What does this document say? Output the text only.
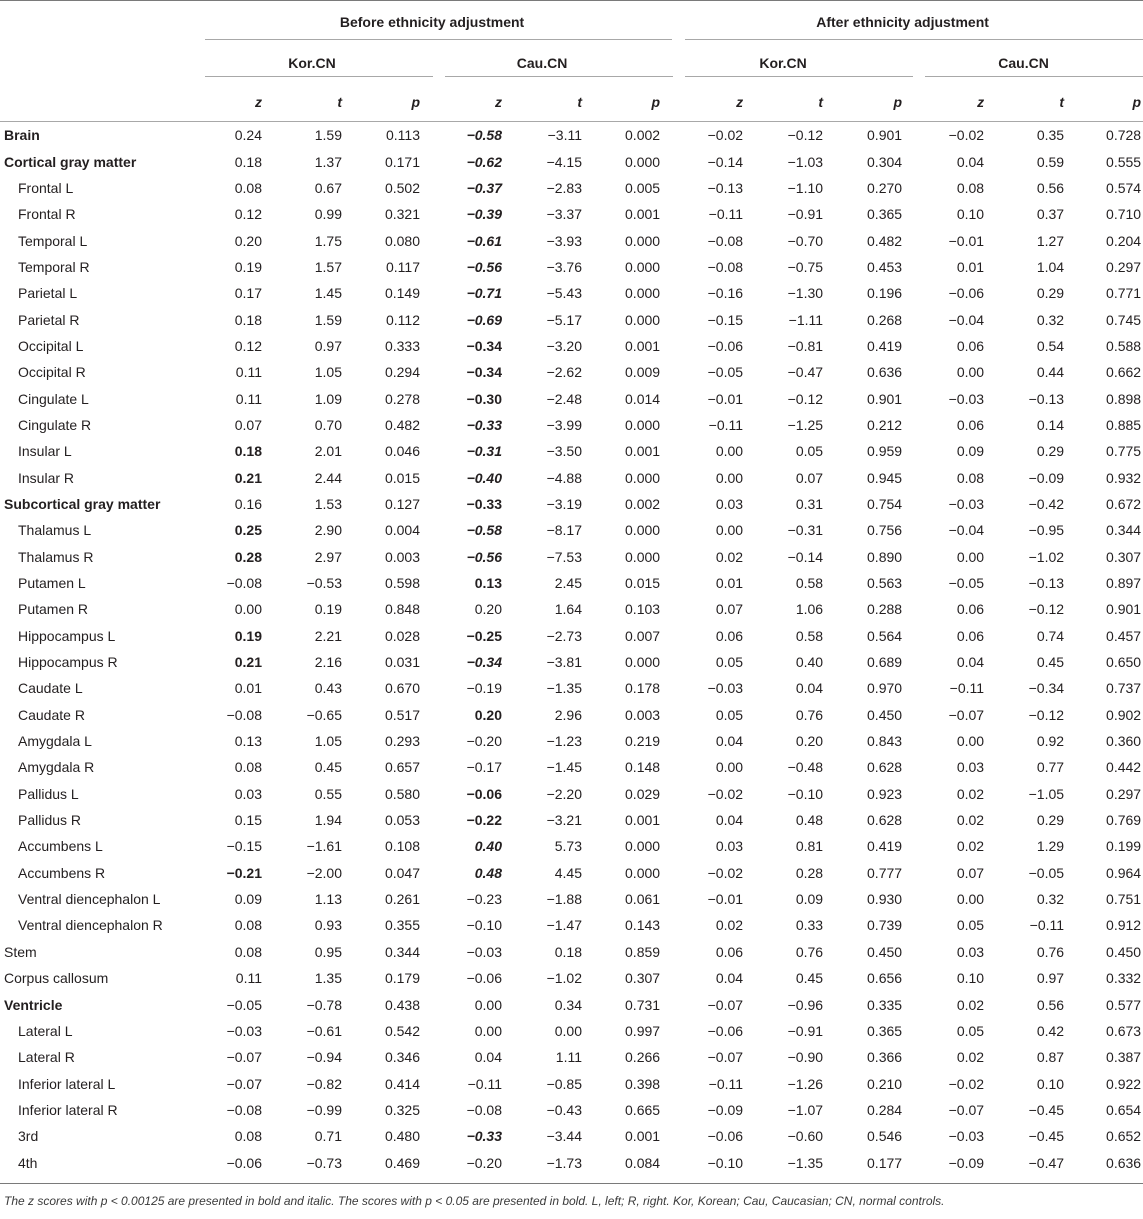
	Before ethnicity adjustment						After ethnicity adjustment					
	Kor.CN			Cau.CN			Kor.CN			Cau.CN		
	z	t	p	z	t	p	z	t	p	z	t	p
Brain	0.24	1.59	0.113	−0.58	−3.11	0.002	−0.02	−0.12	0.901	−0.02	0.35	0.728
Cortical gray matter	0.18	1.37	0.171	−0.62	−4.15	0.000	−0.14	−1.03	0.304	0.04	0.59	0.555
Frontal L	0.08	0.67	0.502	−0.37	−2.83	0.005	−0.13	−1.10	0.270	0.08	0.56	0.574
Frontal R	0.12	0.99	0.321	−0.39	−3.37	0.001	−0.11	−0.91	0.365	0.10	0.37	0.710
Temporal L	0.20	1.75	0.080	−0.61	−3.93	0.000	−0.08	−0.70	0.482	−0.01	1.27	0.204
Temporal R	0.19	1.57	0.117	−0.56	−3.76	0.000	−0.08	−0.75	0.453	0.01	1.04	0.297
Parietal L	0.17	1.45	0.149	−0.71	−5.43	0.000	−0.16	−1.30	0.196	−0.06	0.29	0.771
Parietal R	0.18	1.59	0.112	−0.69	−5.17	0.000	−0.15	−1.11	0.268	−0.04	0.32	0.745
Occipital L	0.12	0.97	0.333	−0.34	−3.20	0.001	−0.06	−0.81	0.419	0.06	0.54	0.588
Occipital R	0.11	1.05	0.294	−0.34	−2.62	0.009	−0.05	−0.47	0.636	0.00	0.44	0.662
Cingulate L	0.11	1.09	0.278	−0.30	−2.48	0.014	−0.01	−0.12	0.901	−0.03	−0.13	0.898
Cingulate R	0.07	0.70	0.482	−0.33	−3.99	0.000	−0.11	−1.25	0.212	0.06	0.14	0.885
Insular L	0.18	2.01	0.046	−0.31	−3.50	0.001	0.00	0.05	0.959	0.09	0.29	0.775
Insular R	0.21	2.44	0.015	−0.40	−4.88	0.000	0.00	0.07	0.945	0.08	−0.09	0.932
Subcortical gray matter	0.16	1.53	0.127	−0.33	−3.19	0.002	0.03	0.31	0.754	−0.03	−0.42	0.672
Thalamus L	0.25	2.90	0.004	−0.58	−8.17	0.000	0.00	−0.31	0.756	−0.04	−0.95	0.344
Thalamus R	0.28	2.97	0.003	−0.56	−7.53	0.000	0.02	−0.14	0.890	0.00	−1.02	0.307
Putamen L	−0.08	−0.53	0.598	0.13	2.45	0.015	0.01	0.58	0.563	−0.05	−0.13	0.897
Putamen R	0.00	0.19	0.848	0.20	1.64	0.103	0.07	1.06	0.288	0.06	−0.12	0.901
Hippocampus L	0.19	2.21	0.028	−0.25	−2.73	0.007	0.06	0.58	0.564	0.06	0.74	0.457
Hippocampus R	0.21	2.16	0.031	−0.34	−3.81	0.000	0.05	0.40	0.689	0.04	0.45	0.650
Caudate L	0.01	0.43	0.670	−0.19	−1.35	0.178	−0.03	0.04	0.970	−0.11	−0.34	0.737
Caudate R	−0.08	−0.65	0.517	0.20	2.96	0.003	0.05	0.76	0.450	−0.07	−0.12	0.902
Amygdala L	0.13	1.05	0.293	−0.20	−1.23	0.219	0.04	0.20	0.843	0.00	0.92	0.360
Amygdala R	0.08	0.45	0.657	−0.17	−1.45	0.148	0.00	−0.48	0.628	0.03	0.77	0.442
Pallidus L	0.03	0.55	0.580	−0.06	−2.20	0.029	−0.02	−0.10	0.923	0.02	−1.05	0.297
Pallidus R	0.15	1.94	0.053	−0.22	−3.21	0.001	0.04	0.48	0.628	0.02	0.29	0.769
Accumbens L	−0.15	−1.61	0.108	0.40	5.73	0.000	0.03	0.81	0.419	0.02	1.29	0.199
Accumbens R	−0.21	−2.00	0.047	0.48	4.45	0.000	−0.02	0.28	0.777	0.07	−0.05	0.964
Ventral diencephalon L	0.09	1.13	0.261	−0.23	−1.88	0.061	−0.01	0.09	0.930	0.00	0.32	0.751
Ventral diencephalon R	0.08	0.93	0.355	−0.10	−1.47	0.143	0.02	0.33	0.739	0.05	−0.11	0.912
Stem	0.08	0.95	0.344	−0.03	0.18	0.859	0.06	0.76	0.450	0.03	0.76	0.450
Corpus callosum	0.11	1.35	0.179	−0.06	−1.02	0.307	0.04	0.45	0.656	0.10	0.97	0.332
Ventricle	−0.05	−0.78	0.438	0.00	0.34	0.731	−0.07	−0.96	0.335	0.02	0.56	0.577
Lateral L	−0.03	−0.61	0.542	0.00	0.00	0.997	−0.06	−0.91	0.365	0.05	0.42	0.673
Lateral R	−0.07	−0.94	0.346	0.04	1.11	0.266	−0.07	−0.90	0.366	0.02	0.87	0.387
Inferior lateral L	−0.07	−0.82	0.414	−0.11	−0.85	0.398	−0.11	−1.26	0.210	−0.02	0.10	0.922
Inferior lateral R	−0.08	−0.99	0.325	−0.08	−0.43	0.665	−0.09	−1.07	0.284	−0.07	−0.45	0.654
3rd	0.08	0.71	0.480	−0.33	−3.44	0.001	−0.06	−0.60	0.546	−0.03	−0.45	0.652
4th	−0.06	−0.73	0.469	−0.20	−1.73	0.084	−0.10	−1.35	0.177	−0.09	−0.47	0.636
The z scores with p < 0.00125 are presented in bold and italic. The scores with p < 0.05 are presented in bold. L, left; R, right. Kor, Korean; Cau, Caucasian; CN, normal controls.
